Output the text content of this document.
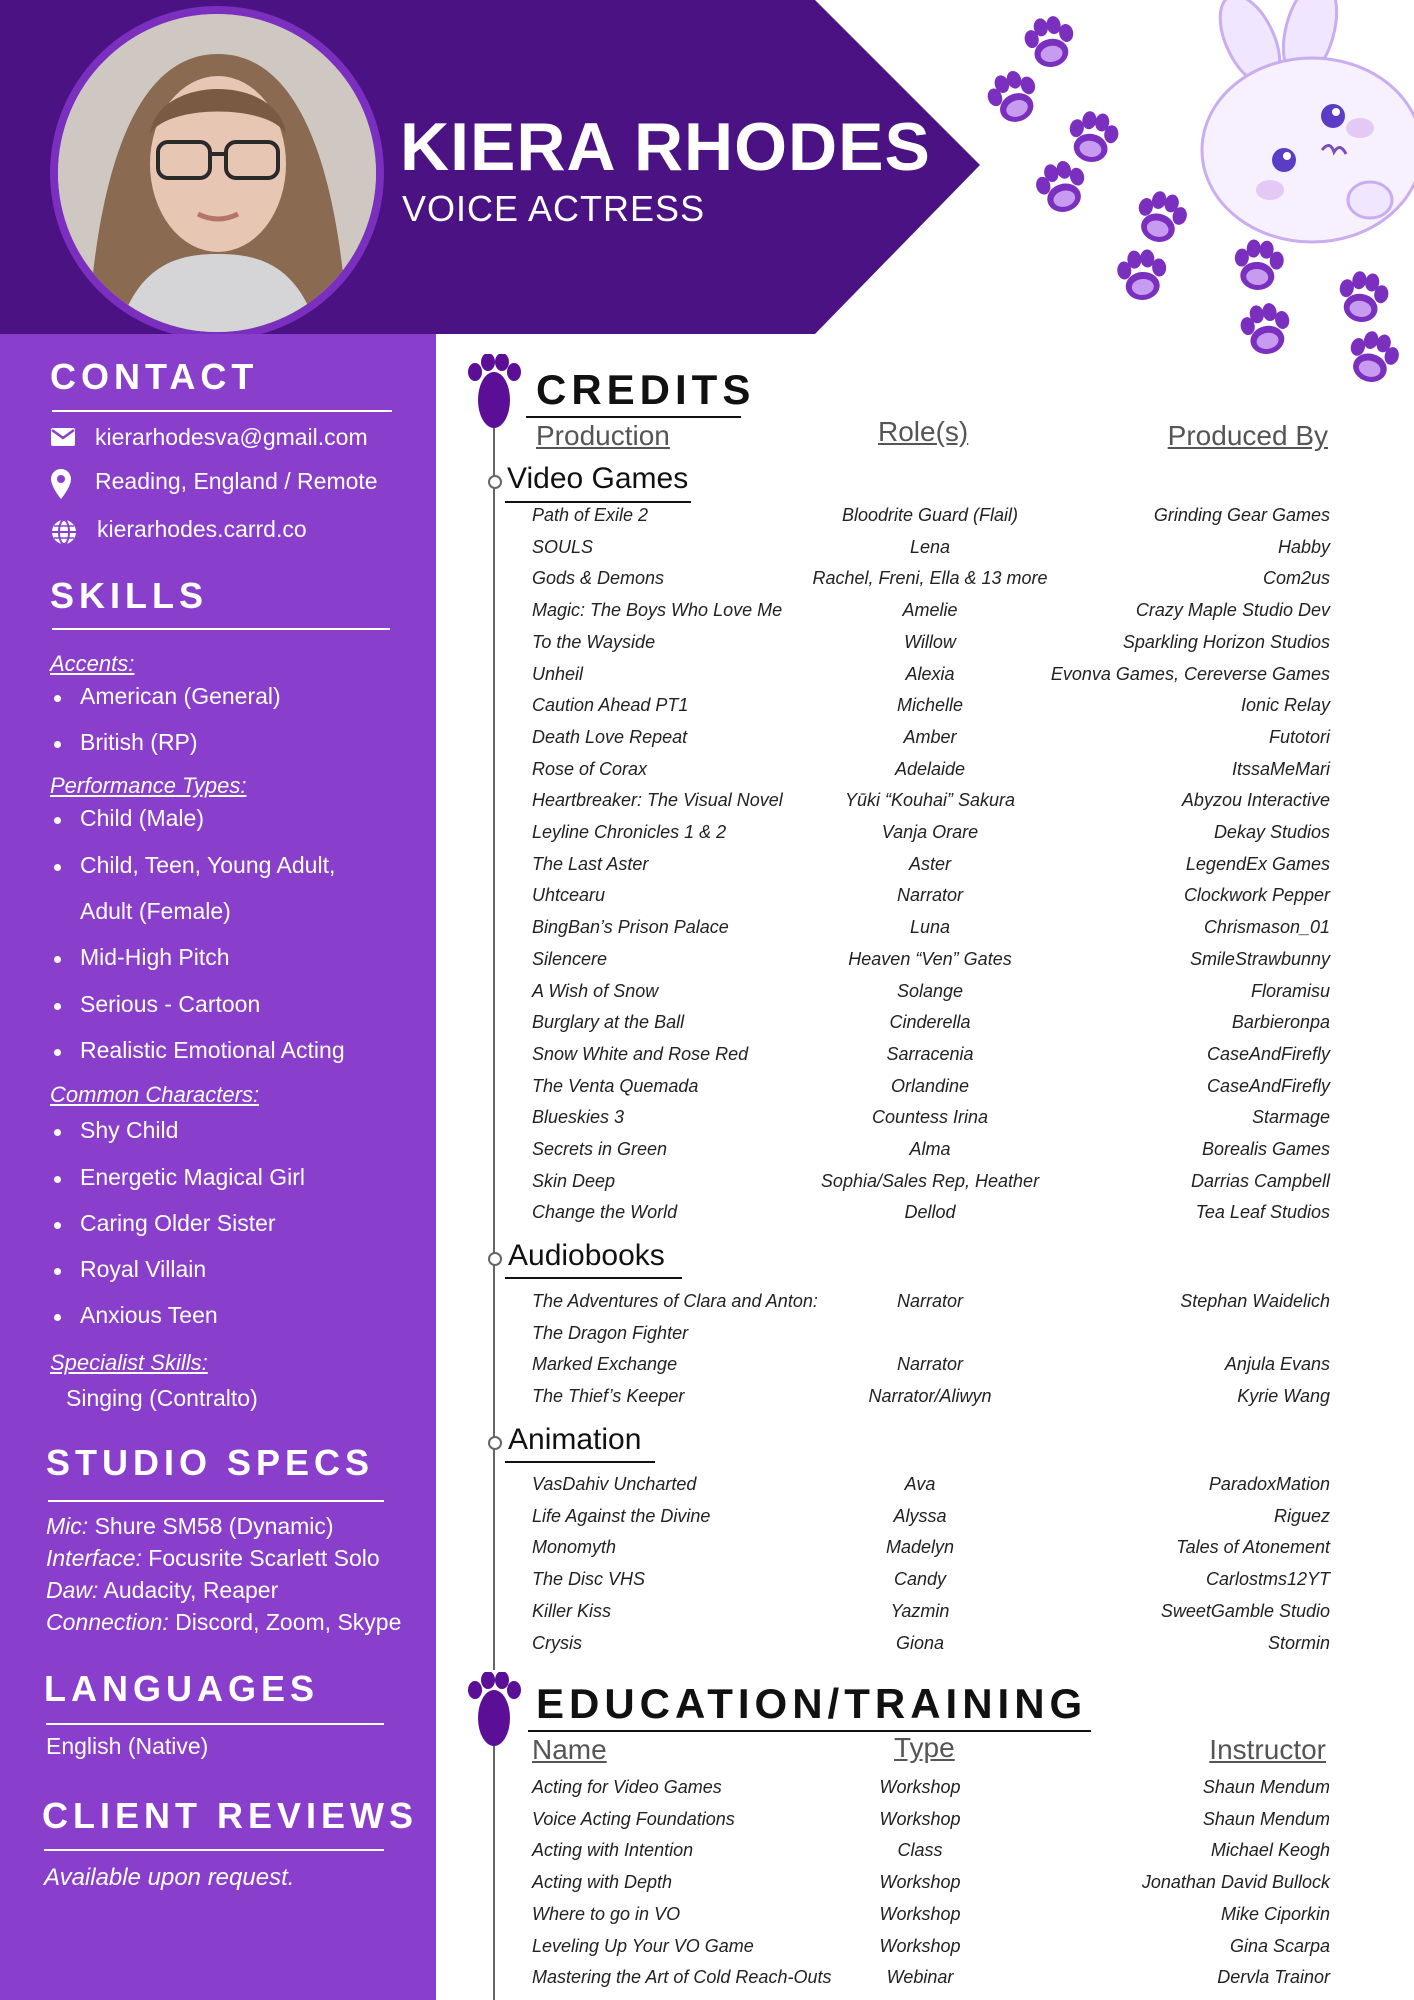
KIERA RHODES
VOICE ACTRESS
CONTACT
kierarhodesva@gmail.com
Reading, England / Remote
kierarhodes.carrd.co
SKILLS
Accents:
American (General)
British (RP)
Performance Types:
Child (Male)
Child, Teen, Young Adult,
Adult (Female)
Mid-High Pitch
Serious - Cartoon
Realistic Emotional Acting
Common Characters:
Shy Child
Energetic Magical Girl
Caring Older Sister
Royal Villain
Anxious Teen
Specialist Skills:
Singing (Contralto)
STUDIO SPECS
Mic: Shure SM58 (Dynamic)
Interface: Focusrite Scarlett Solo
Daw: Audacity, Reaper
Connection: Discord, Zoom, Skype
LANGUAGES
English (Native)
CLIENT REVIEWS
Available upon request.
CREDITS
Production	Role(s)	Produced By
Video Games
Path of Exile 2	Bloodrite Guard (Flail)	Grinding Gear Games
SOULS	Lena	Habby
Gods & Demons	Rachel, Freni, Ella & 13 more	Com2us
Magic: The Boys Who Love Me	Amelie	Crazy Maple Studio Dev
To the Wayside	Willow	Sparkling Horizon Studios
Unheil	Alexia	Evonva Games, Cereverse Games
Caution Ahead PT1	Michelle	Ionic Relay
Death Love Repeat	Amber	Futotori
Rose of Corax	Adelaide	ItssaMeMari
Heartbreaker: The Visual Novel	Yūki “Kouhai” Sakura	Abyzou Interactive
Leyline Chronicles 1 & 2	Vanja Orare	Dekay Studios
The Last Aster	Aster	LegendEx Games
Uhtcearu	Narrator	Clockwork Pepper
BingBan’s Prison Palace	Luna	Chrismason_01
Silencere	Heaven “Ven” Gates	SmileStrawbunny
A Wish of Snow	Solange	Floramisu
Burglary at the Ball	Cinderella	Barbieronpa
Snow White and Rose Red	Sarracenia	CaseAndFirefly
The Venta Quemada	Orlandine	CaseAndFirefly
Blueskies 3	Countess Irina	Starmage
Secrets in Green	Alma	Borealis Games
Skin Deep	Sophia/Sales Rep, Heather	Darrias Campbell
Change the World	Dellod	Tea Leaf Studios
Audiobooks
The Adventures of Clara and Anton:	Narrator	Stephan Waidelich
The Dragon Fighter
Marked Exchange	Narrator	Anjula Evans
The Thief’s Keeper	Narrator/Aliwyn	Kyrie Wang
Animation
VasDahiv Uncharted	Ava	ParadoxMation
Life Against the Divine	Alyssa	Riguez
Monomyth	Madelyn	Tales of Atonement
The Disc VHS	Candy	Carlostms12YT
Killer Kiss	Yazmin	SweetGamble Studio
Crysis	Giona	Stormin
EDUCATION/TRAINING
Name	Type	Instructor
Acting for Video Games	Workshop	Shaun Mendum
Voice Acting Foundations	Workshop	Shaun Mendum
Acting with Intention	Class	Michael Keogh
Acting with Depth	Workshop	Jonathan David Bullock
Where to go in VO	Workshop	Mike Ciporkin
Leveling Up Your VO Game	Workshop	Gina Scarpa
Mastering the Art of Cold Reach-Outs	Webinar	Dervla Trainor
